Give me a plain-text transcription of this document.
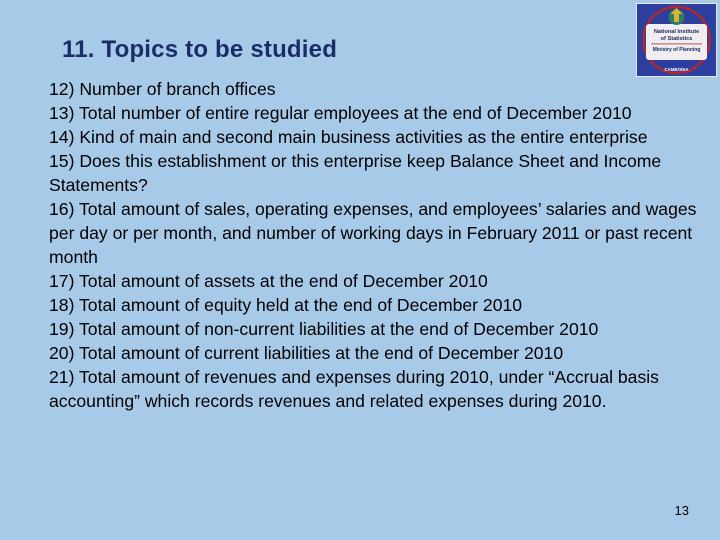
11. Topics to be studied
National Institute
of Statistics
Ministry of Planning
CAMBODIA
12) Number of branch offices
13) Total number of entire regular employees at the end of December 2010
14) Kind of main and second main business activities as the entire enterprise
15) Does this establishment or this enterprise keep Balance Sheet and Income Statements?
16) Total amount of sales, operating expenses, and employees’ salaries and wages per day or per month, and number of working days in February 2011 or past recent month
17) Total amount of assets at the end of December 2010
18) Total amount of equity held at the end of December 2010
19) Total amount of non-current liabilities at the end of December 2010
20) Total amount of current liabilities at the end of December 2010
21) Total amount of revenues and expenses during 2010, under “Accrual basis accounting” which records revenues and related expenses during 2010.
13
